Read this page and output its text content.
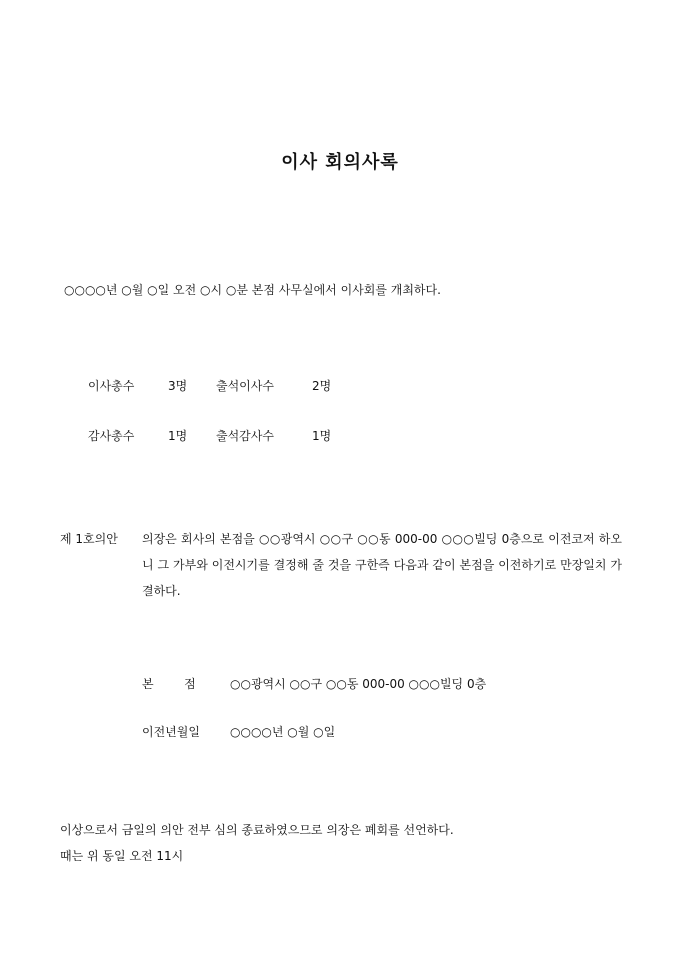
이사 회의사록
○○○○년 ○월 ○일 오전 ○시 ○분 본점 사무실에서 이사회를 개최하다.
이사총수	3명 출석이사수	2명
감사총수	1명 출석감사수	1명
제 1호의안 의장은 회사의 본점을 ○○광역시 ○○구 ○○동 000-00 ○○○빌딩 0층으로 이전코저 하오니 그 가부와 이전시기를 결정해 줄 것을 구한즉 다음과 같이 본점을 이전하기로 만장일치 가결하다.
본        점	○○광역시 ○○구 ○○동 000-00 ○○○빌딩 0층
이전년월일	○○○○년 ○월 ○일
이상으로서 금일의 의안 전부 심의 종료하였으므로 의장은 폐회를 선언하다.
때는 위 동일 오전 11시
